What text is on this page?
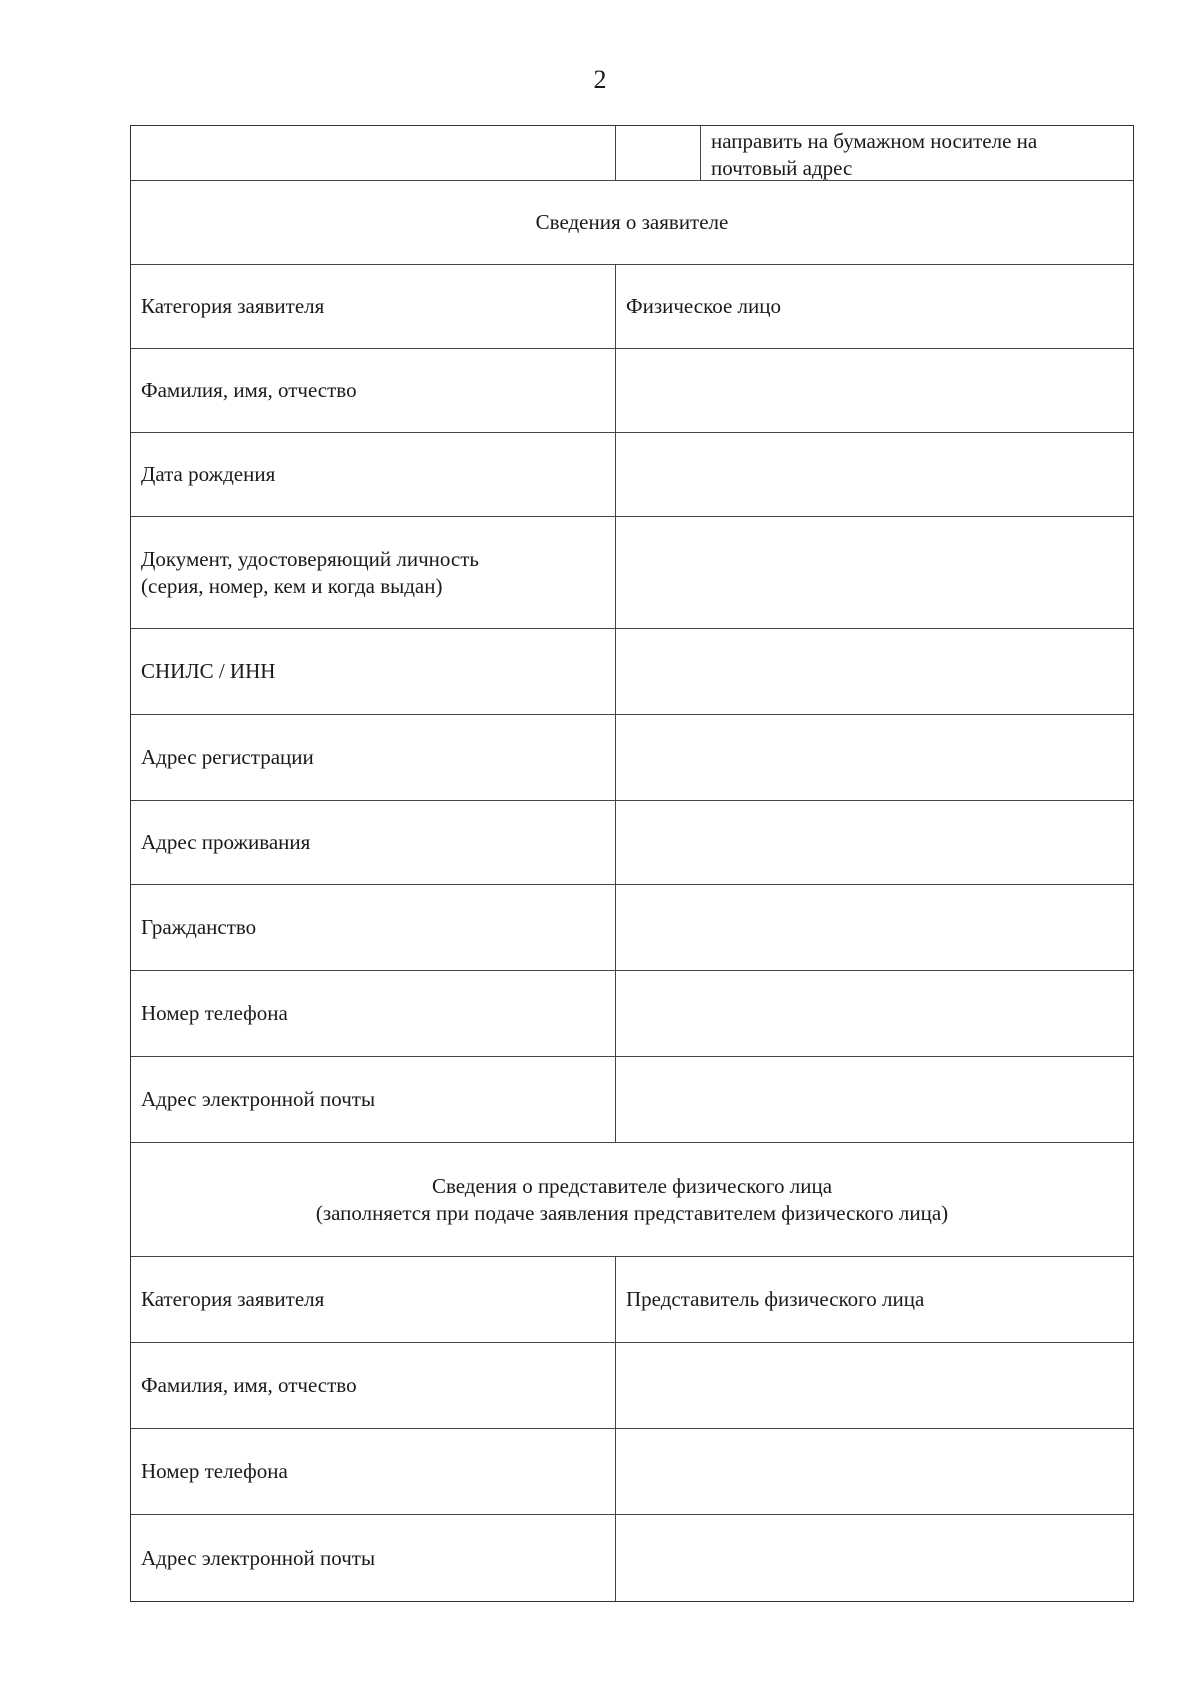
2
направить на бумажном носителе на
почтовый адрес
Сведения о заявителе
Категория заявителя	Физическое лицо
Фамилия, имя, отчество
Дата рождения
Документ, удостоверяющий личность
(серия, номер, кем и когда выдан)
СНИЛС / ИНН
Адрес регистрации
Адрес проживания
Гражданство
Номер телефона
Адрес электронной почты
Сведения о представителе физического лица
(заполняется при подаче заявления представителем физического лица)
Категория заявителя	Представитель физического лица
Фамилия, имя, отчество
Номер телефона
Адрес электронной почты
